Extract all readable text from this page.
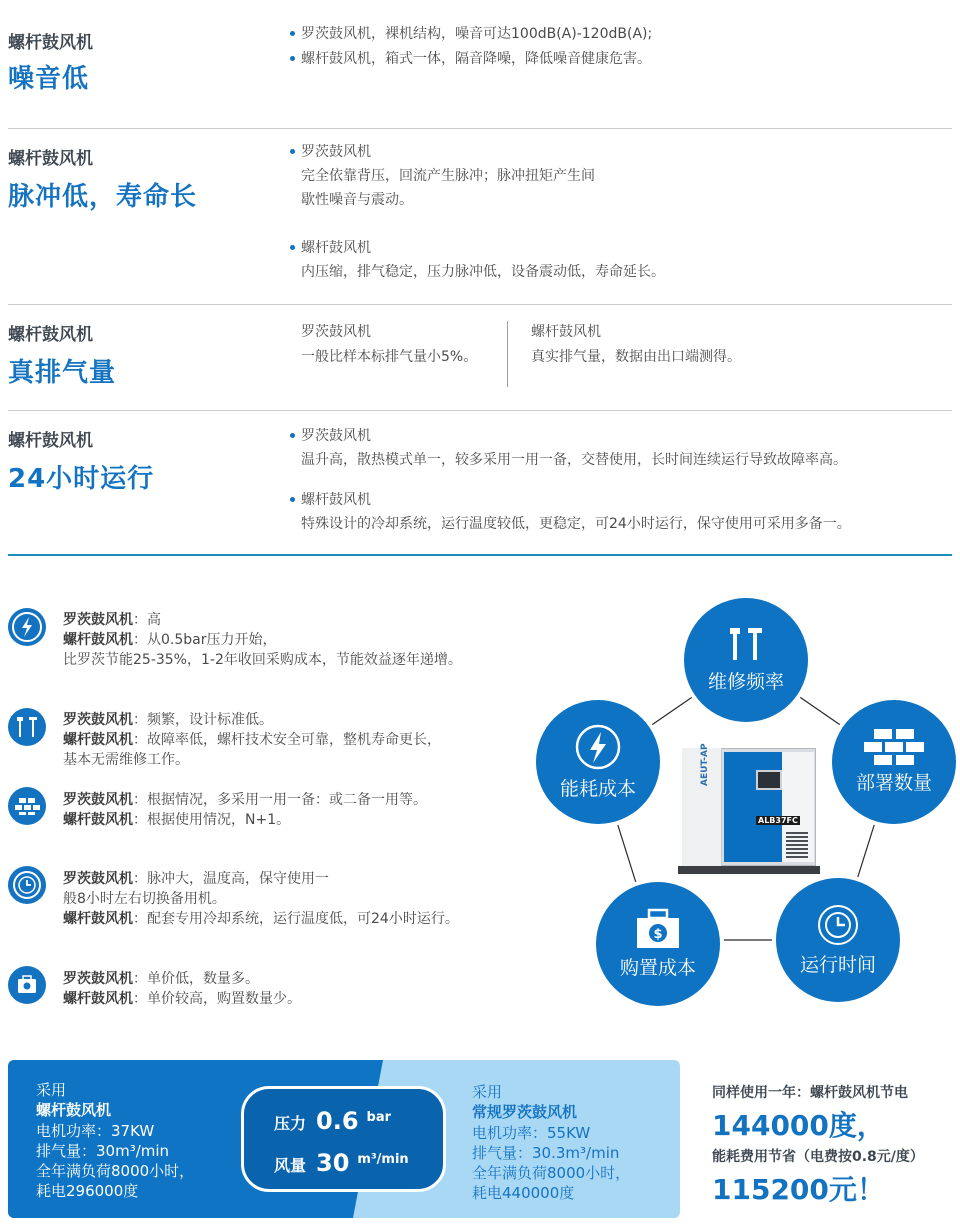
螺杆鼓风机
噪音低
罗茨鼓风机，裸机结构，噪音可达100dB(A)-120dB(A);
螺杆鼓风机，箱式一体，隔音降噪，降低噪音健康危害。
螺杆鼓风机
脉冲低，寿命长
罗茨鼓风机
完全依靠背压，回流产生脉冲；脉冲扭矩产生间
歇性噪音与震动。
螺杆鼓风机
内压缩，排气稳定，压力脉冲低，设备震动低，寿命延长。
螺杆鼓风机
真排气量
罗茨鼓风机
一般比样本标排气量小5%。
螺杆鼓风机
真实排气量，数据由出口端测得。
螺杆鼓风机
24小时运行
罗茨鼓风机
温升高，散热模式单一，较多采用一用一备，交替使用，长时间连续运行导致故障率高。
螺杆鼓风机
特殊设计的冷却系统，运行温度较低，更稳定，可24小时运行，保守使用可采用多备一。
罗茨鼓风机：高
螺杆鼓风机：从0.5bar压力开始，
比罗茨节能25-35%，1-2年收回采购成本，节能效益逐年递增。
罗茨鼓风机：频繁，设计标准低。
螺杆鼓风机：故障率低，螺杆技术安全可靠，整机寿命更长，
基本无需维修工作。
罗茨鼓风机：根据情况，多采用一用一备：或二备一用等。
螺杆鼓风机：根据使用情况，N+1。
罗茨鼓风机：脉冲大，温度高，保守使用一
般8小时左右切换备用机。
螺杆鼓风机：配套专用冷却系统，运行温度低，可24小时运行。
罗茨鼓风机：单价低，数量多。
螺杆鼓风机：单价较高，购置数量少。
AEUT-AP
ALB37FC
维修频率
能耗成本	部署数量
$
购置成本	运行时间
采用
螺杆鼓风机
电机功率：37KW
排气量：30m³/min
全年满负荷8000小时，
耗电296000度
压力 0.6 bar
风量 30 m³/min
采用
常规罗茨鼓风机
电机功率：55KW
排气量：30.3m³/min
全年满负荷8000小时，
耗电440000度
同样使用一年：螺杆鼓风机节电
144000度，
能耗费用节省（电费按0.8元/度）
115200元！
